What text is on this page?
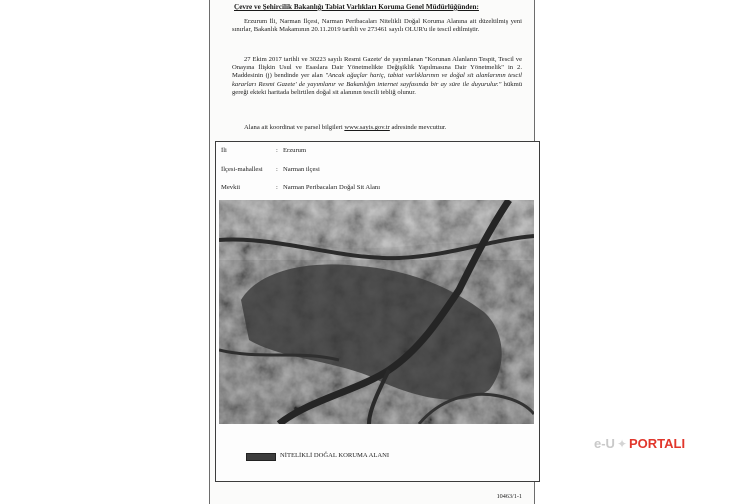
Çevre ve Şehircilik Bakanlığı Tabiat Varlıkları Koruma Genel Müdürlüğünden:
Erzurum İli, Narman İlçesi, Narman Peribacaları Nitelikli Doğal Koruma Alanına ait düzeltilmiş yeni sınırlar, Bakanlık Makamının 20.11.2019 tarihli ve 273461 sayılı OLUR'u ile tescil edilmiştir.
27 Ekim 2017 tarihli ve 30223 sayılı Resmi Gazete' de yayımlanan "Korunan Alanların Tespit, Tescil ve Onayına İlişkin Usul ve Esaslara Dair Yönetmelikte Değişiklik Yapılmasına Dair Yönetmelik" in 2. Maddesinin (j) bendinde yer alan "Ancak ağaçlar hariç, tabiat varlıklarının ve doğal sit alanlarının tescil kararları Resmi Gazete' de yayımlanır ve Bakanlığın internet sayfasında bir ay süre ile duyurulur." hükmü gereği ekteki haritada belirtilen doğal sit alanının tescili tebliğ olunur.
Alana ait koordinat ve parsel bilgileri www.sayis.gov.tr adresinde mevcuttur.
İli	: Erzurum
İlçesi-mahallesi : Narman ilçesi
Mevkii	: Narman Peribacaları Doğal Sit Alanı
NİTELİKLİ DOĞAL KORUMA ALANI
10463/1-1
e-U ✦ PORTALI
